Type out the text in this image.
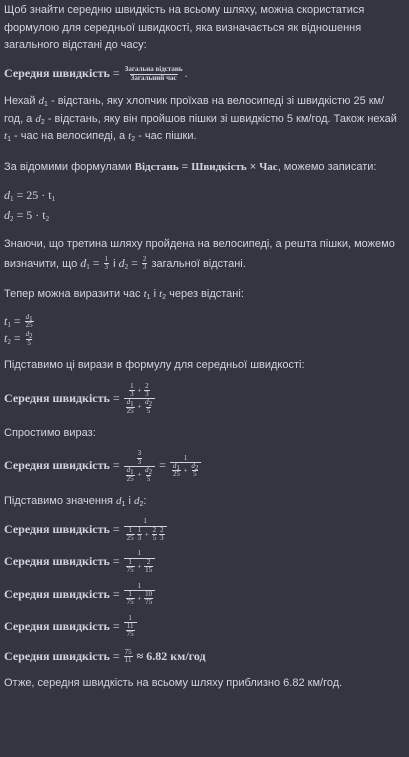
Щоб знайти середню швидкість на всьому шляху, можна скористатися формулою для середньої швидкості, яка визначається як відношення загального відстані до часу:

Середня швидкість = $\frac{\text{Загальна відстань}}{\text{Загальний час}}$ .

Нехай $d_1$ - відстань, яку хлопчик проїхав на велосипеді зі швидкістю 25 км/год, а $d_2$ - відстань, яку він пройшов пішки зі швидкістю 5 км/год. Також нехай $t_1$ - час на велосипеді, а $t_2$ - час пішки.

За відомими формулами Відстань = Швидкість × Час, можемо записати:

$d_1 = 25 \cdot t_1$
$d_2 = 5 \cdot t_2$

Знаючи, що третина шляху пройдена на велосипеді, а решта пішки, можемо визначити, що $d_1 = \frac{1}{3}$ і $d_2 = \frac{2}{3}$ загальної відстані.

Тепер можна виразити час $t_1$ і $t_2$ через відстані:

$t_1 = \frac{d_1}{25}$
$t_2 = \frac{d_2}{5}$

Підставимо ці вирази в формулу для середньої швидкості:

Середня швидкість = $\frac{\frac{1}{3} + \frac{2}{3}}{\frac{d_1}{25} + \frac{d_2}{5}}$

Спростимо вираз:

Середня швидкість = $\frac{\frac{3}{3}}{\frac{d_1}{25} + \frac{d_2}{5}} = \frac{1}{\frac{d_1}{25} + \frac{d_2}{5}}$

Підставимо значення $d_1$ і $d_2$:

Середня швидкість = $\frac{1}{\frac{1}{25} \frac{1}{3} + \frac{2}{5} \frac{2}{3}}$
Середня швидкість = $\frac{1}{\frac{1}{75} + \frac{2}{15}}$
Середня швидкість = $\frac{1}{\frac{1}{75} + \frac{10}{75}}$
Середня швидкість = $\frac{1}{\frac{11}{75}}$
Середня швидкість = $\frac{75}{11} \approx 6.82$ км/год

Отже, середня швидкість на всьому шляху приблизно 6.82 км/год.
